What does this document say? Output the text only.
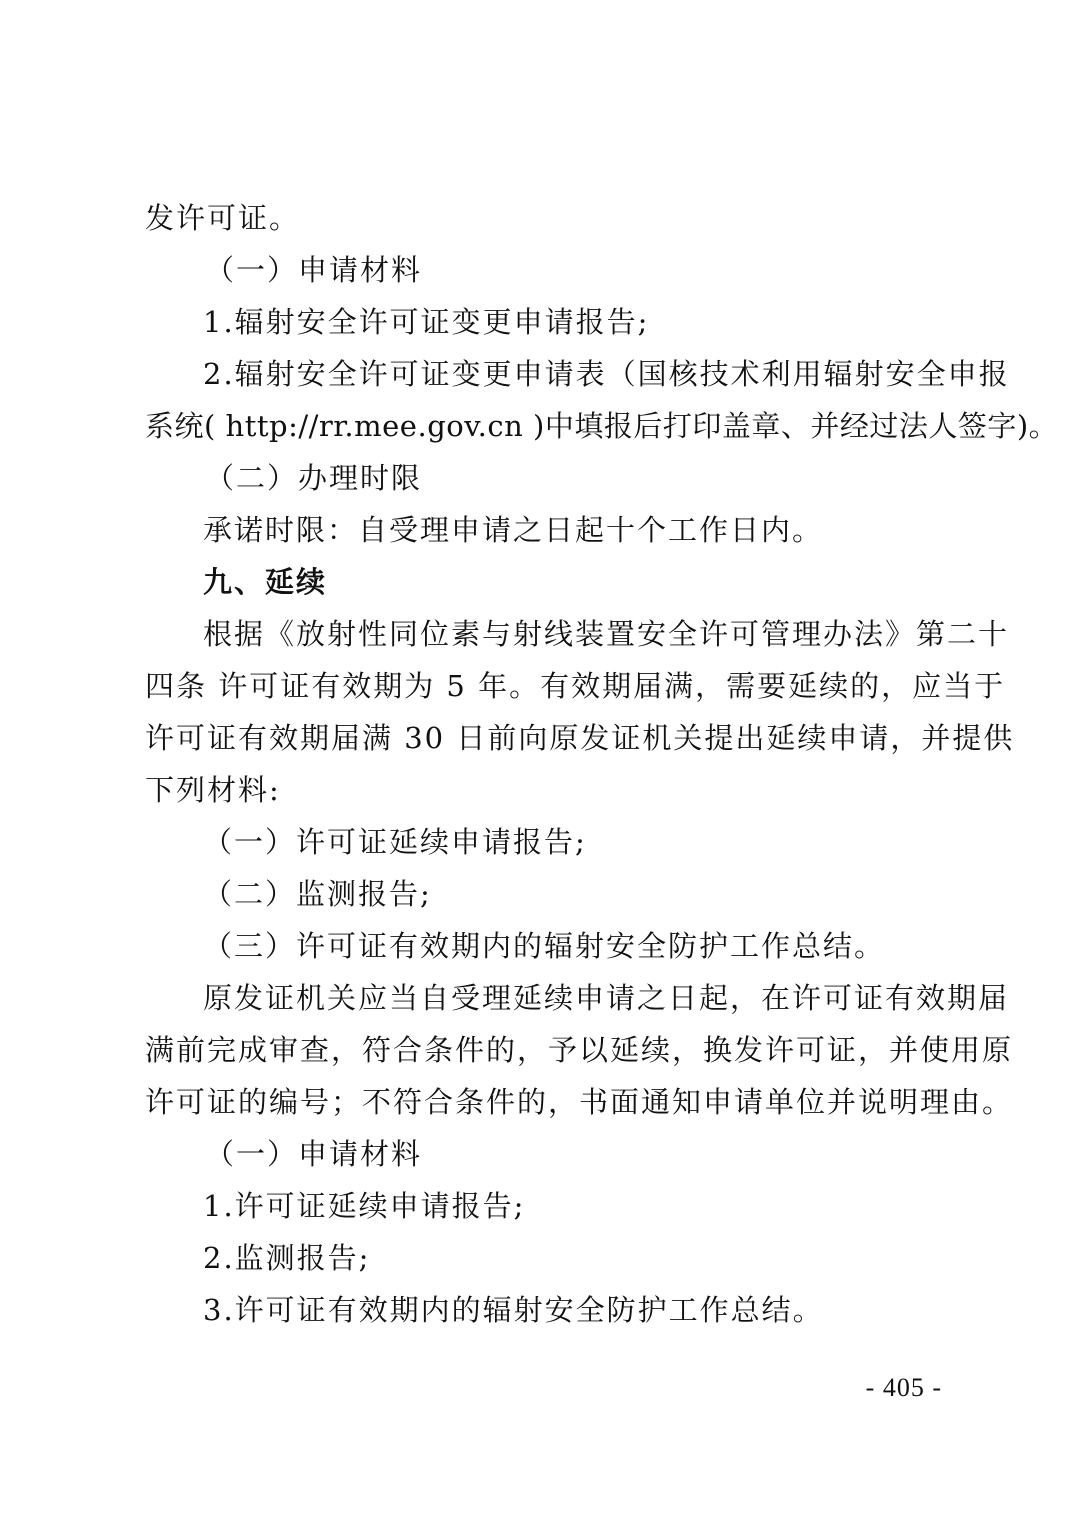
发许可证。
（一）申请材料
1.辐射安全许可证变更申请报告;
2.辐射安全许可证变更申请表（国核技术利用辐射安全申报
系统( http://rr.mee.gov.cn )中填报后打印盖章、并经过法人签字)。
（二）办理时限
承诺时限：自受理申请之日起十个工作日内。
九、延续
根据《放射性同位素与射线装置安全许可管理办法》第二十
四条 许可证有效期为 5 年。有效期届满，需要延续的，应当于
许可证有效期届满 30 日前向原发证机关提出延续申请，并提供
下列材料:
（一）许可证延续申请报告;
（二）监测报告;
（三）许可证有效期内的辐射安全防护工作总结。
原发证机关应当自受理延续申请之日起，在许可证有效期届
满前完成审查，符合条件的，予以延续，换发许可证，并使用原
许可证的编号；不符合条件的，书面通知申请单位并说明理由。
（一）申请材料
1.许可证延续申请报告;
2.监测报告;
3.许可证有效期内的辐射安全防护工作总结。
- 405 -
